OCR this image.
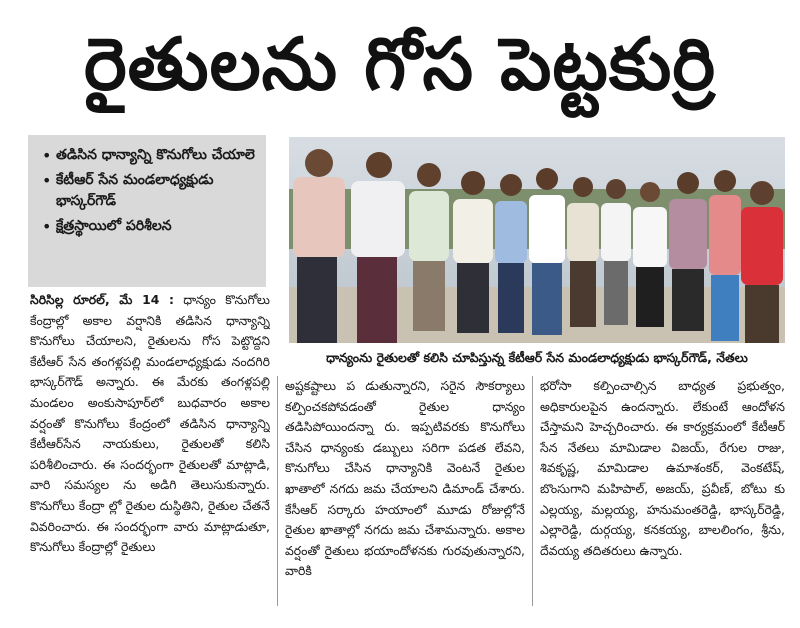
రైతులను గోస పెట్టకుర్రి
• తడిసిన ధాన్యాన్ని కొనుగోలు చేయాలె
• కేటీఆర్ సేన మండలాధ్యక్షుడు భాస్కర్‌గౌడ్
• క్షేత్రస్థాయిలో పరిశీలన
ధాన్యంను రైతులతో కలిసి చూపిస్తున్న కేటీఆర్ సేన మండలాధ్యక్షుడు భాస్కర్‌గౌడ్, నేతలు

సిరిసిల్ల రూరల్, మే 14 : ధాన్యం కొనుగోలు కేంద్రాల్లో అకాల వర్షానికి తడిసిన ధాన్యాన్ని కొనుగోలు చేయాలని, రైతులను గోస పెట్టొద్దని కేటీఆర్ సేన తంగళ్లపల్లి మండలాధ్యక్షుడు నందగిరి భాస్కర్‌గౌడ్ అన్నారు. ఈ మేరకు తంగళ్లపల్లి మండలం అంకుసాపూర్‌లో బుధవారం అకాల వర్షంతో కొనుగోలు కేంద్రంలో తడిసిన ధాన్యాన్ని కేటీఆర్‌సేన నాయకులు, రైతులతో కలిసి పరిశీలించారు. ఈ సందర్భంగా రైతులతో మాట్లాడి, వారి సమస్యల ను అడిగి తెలుసుకున్నారు. కొనుగోలు కేంద్రా ల్లో రైతుల దుస్థితిని, రైతుల చేతనే వివరించారు. ఈ సందర్భంగా వారు మాట్లాడుతూ, కొనుగోలు కేంద్రాల్లో రైతులు

అష్టకష్టాలు ప డుతున్నారని, సరైన సౌకర్యాలు కల్పించకపోవడంతో రైతుల ధాన్యం తడిసిపోయిందన్నా రు. ఇప్పటివరకు కొనుగోలు చేసిన ధాన్యంకు డబ్బులు సరిగా పడత లేవని, కొనుగోలు చేసిన ధాన్యానికి వెంటనే రైతుల ఖాతాలో నగదు జమ చేయాలని డిమాండ్ చేశారు. కేసీఆర్ సర్కారు హయాంలో మూడు రోజుల్లోనే రైతుల ఖాతాల్లో నగదు జమ చేశామన్నారు. అకాల వర్షంతో రైతులు భయాందోళనకు గురవుతున్నారని, వారికి

భరోసా కల్పించాల్సిన బాధ్యత ప్రభుత్వం, అధికారులపైన ఉందన్నారు. లేకుంటే ఆందోళన చేస్తామని హెచ్చరించారు. ఈ కార్యక్రమంలో కేటీఆర్ సేన నేతలు మామిడాల విజయ్, రేగుల రాజు, శివకృష్ణ, మామిడాల ఉమాశంకర్, వెంకటేష్, బొంసుగాని మహిపాల్, అజయ్, ప్రవీణ్, బోటు కు ఎల్లయ్య, మల్లయ్య, హనుమంతరెడ్డి, భాస్కర్‌రెడ్డి, ఎల్లారెడ్డి, దుర్గయ్య, కనకయ్య, బాలలింగం, శ్రీను, దేవయ్య తదితరులు ఉన్నారు.
